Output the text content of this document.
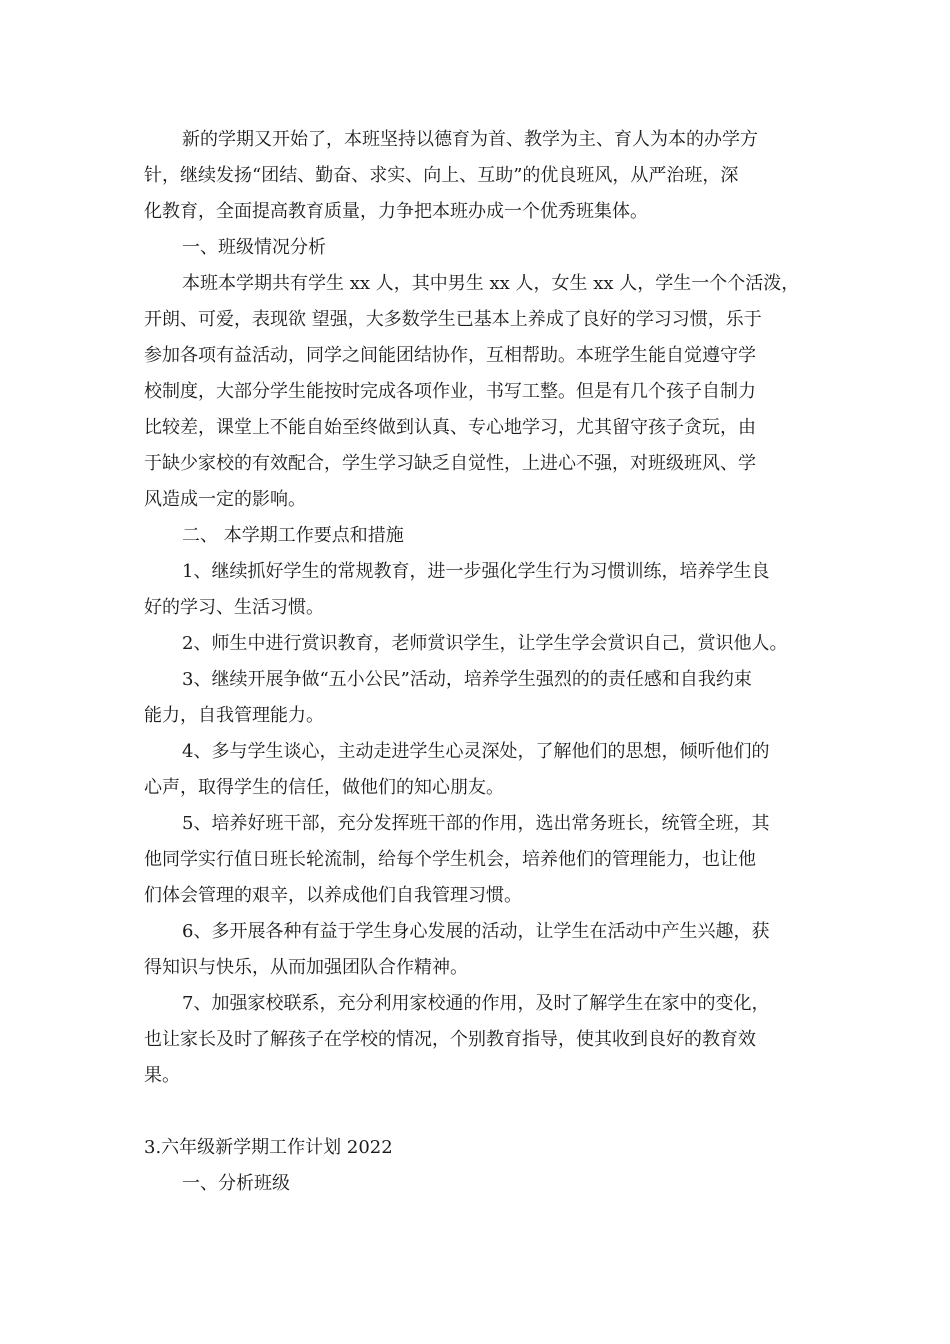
新的学期又开始了，本班坚持以德育为首、教学为主、育人为本的办学方
针，继续发扬“团结、勤奋、求实、向上、互助”的优良班风，从严治班，深
化教育，全面提高教育质量，力争把本班办成一个优秀班集体。
一、班级情况分析
本班本学期共有学生 xx 人，其中男生 xx 人，女生 xx 人，学生一个个活泼，
开朗、可爱，表现欲 望强，大多数学生已基本上养成了良好的学习习惯，乐于
参加各项有益活动，同学之间能团结协作，互相帮助。本班学生能自觉遵守学
校制度，大部分学生能按时完成各项作业，书写工整。但是有几个孩子自制力
比较差，课堂上不能自始至终做到认真、专心地学习，尤其留守孩子贪玩，由
于缺少家校的有效配合，学生学习缺乏自觉性，上进心不强，对班级班风、学
风造成一定的影响。
二、 本学期工作要点和措施
1、继续抓好学生的常规教育，进一步强化学生行为习惯训练，培养学生良
好的学习、生活习惯。
2、师生中进行赏识教育，老师赏识学生，让学生学会赏识自己，赏识他人。
3、继续开展争做“五小公民”活动，培养学生强烈的的责任感和自我约束
能力，自我管理能力。
4、多与学生谈心，主动走进学生心灵深处，了解他们的思想，倾听他们的
心声，取得学生的信任，做他们的知心朋友。
5、培养好班干部，充分发挥班干部的作用，选出常务班长，统管全班，其
他同学实行值日班长轮流制，给每个学生机会，培养他们的管理能力，也让他
们体会管理的艰辛，以养成他们自我管理习惯。
6、多开展各种有益于学生身心发展的活动，让学生在活动中产生兴趣，获
得知识与快乐，从而加强团队合作精神。
7、加强家校联系，充分利用家校通的作用，及时了解学生在家中的变化，
也让家长及时了解孩子在学校的情况，个别教育指导，使其收到良好的教育效
果。
3.六年级新学期工作计划 2022
一、分析班级
